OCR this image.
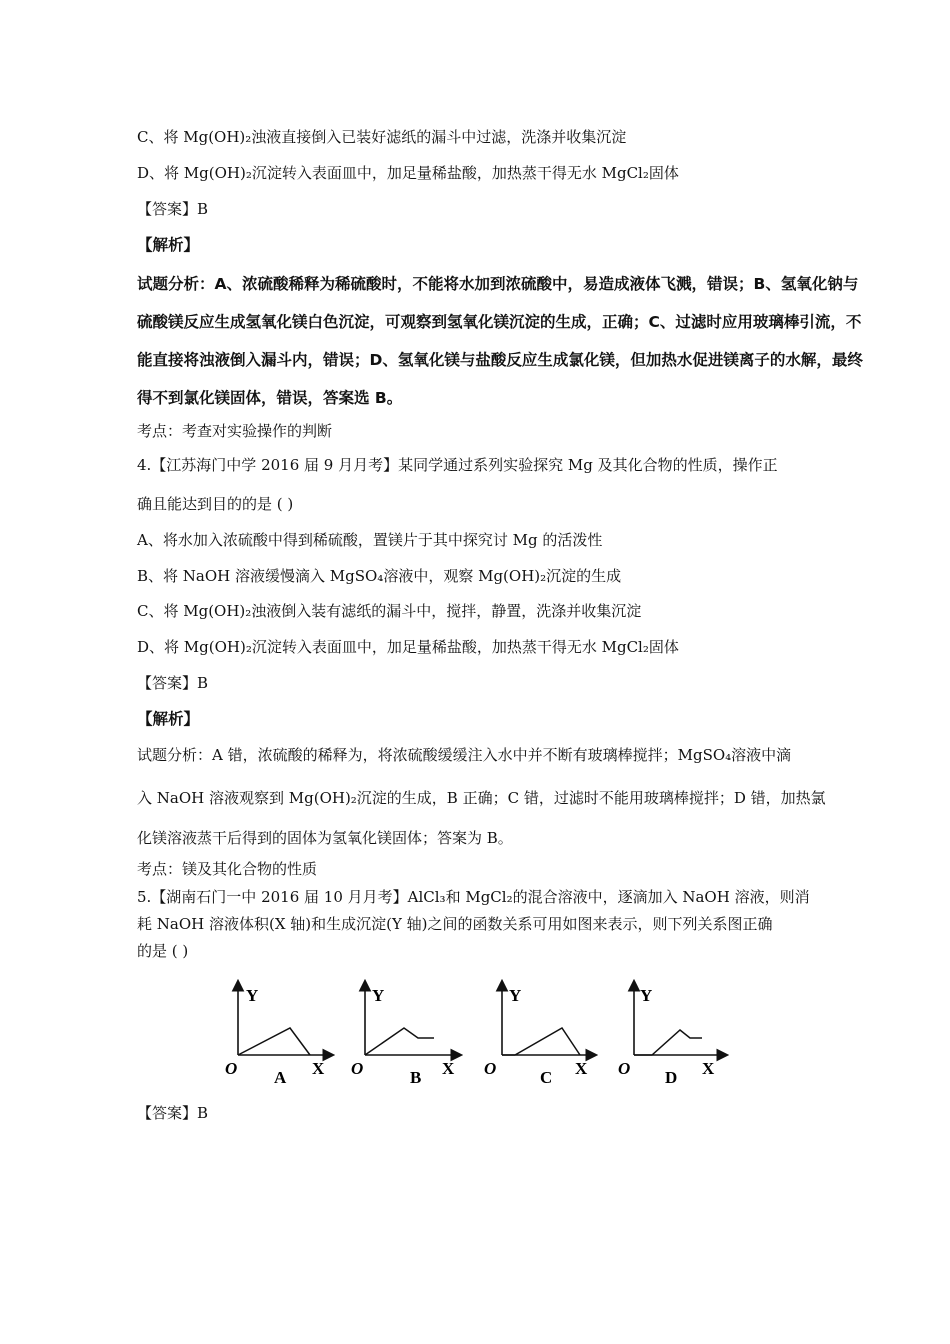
C、将 Mg(OH)₂浊液直接倒入已装好滤纸的漏斗中过滤，洗涤并收集沉淀
D、将 Mg(OH)₂沉淀转入表面皿中，加足量稀盐酸，加热蒸干得无水 MgCl₂固体
【答案】B
【解析】
试题分析：A、浓硫酸稀释为稀硫酸时，不能将水加到浓硫酸中，易造成液体飞溅，错误；B、氢氧化钠与
硫酸镁反应生成氢氧化镁白色沉淀，可观察到氢氧化镁沉淀的生成，正确；C、过滤时应用玻璃棒引流，不
能直接将浊液倒入漏斗内，错误；D、氢氧化镁与盐酸反应生成氯化镁，但加热水促进镁离子的水解，最终
得不到氯化镁固体，错误，答案选 B。
考点：考查对实验操作的判断
4.【江苏海门中学 2016 届 9 月月考】某同学通过系列实验探究 Mg 及其化合物的性质，操作正
确且能达到目的的是 ( )
A、将水加入浓硫酸中得到稀硫酸，置镁片于其中探究讨 Mg 的活泼性
B、将 NaOH 溶液缓慢滴入 MgSO₄溶液中，观察 Mg(OH)₂沉淀的生成
C、将 Mg(OH)₂浊液倒入装有滤纸的漏斗中，搅拌，静置，洗涤并收集沉淀
D、将 Mg(OH)₂沉淀转入表面皿中，加足量稀盐酸，加热蒸干得无水 MgCl₂固体
【答案】B
【解析】
试题分析：A 错，浓硫酸的稀释为，将浓硫酸缓缓注入水中并不断有玻璃棒搅拌；MgSO₄溶液中滴
入 NaOH 溶液观察到 Mg(OH)₂沉淀的生成，B 正确；C 错，过滤时不能用玻璃棒搅拌；D 错，加热氯
化镁溶液蒸干后得到的固体为氢氧化镁固体；答案为 B。
考点：镁及其化合物的性质
5.【湖南石门一中 2016 届 10 月月考】AlCl₃和 MgCl₂的混合溶液中，逐滴加入 NaOH 溶液，则消
耗 NaOH 溶液体积(X 轴)和生成沉淀(Y 轴)之间的函数关系可用如图来表示，则下列关系图正确
的是 ( )
Y
O	X
A
Y
O	X
B
Y
O	X
C
Y
O	X
D
【答案】B
